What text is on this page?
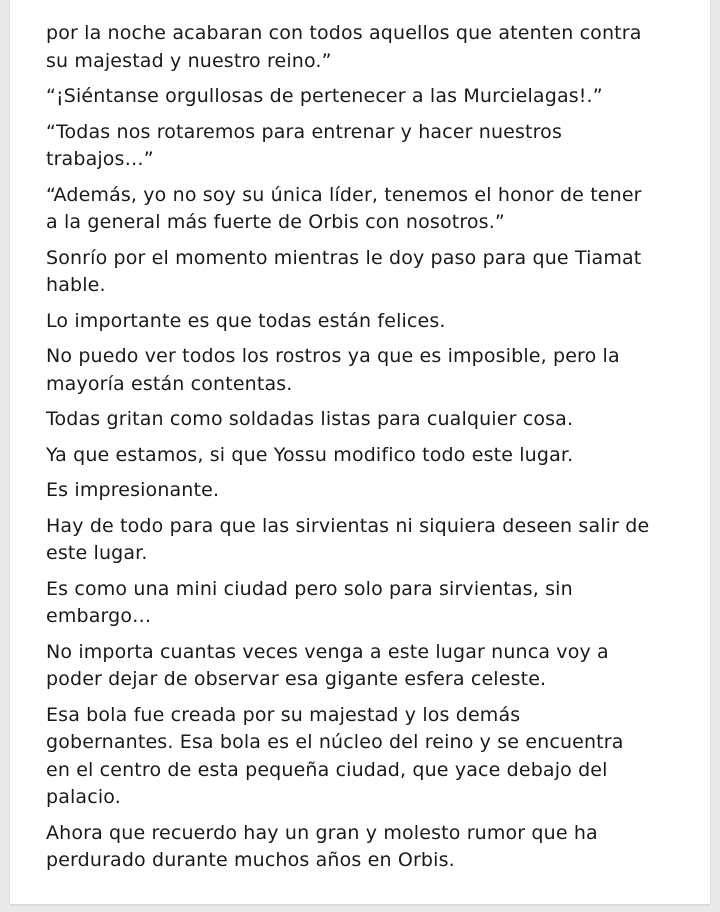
por la noche acabaran con todos aquellos que atenten contra
su majestad y nuestro reino.”

“¡Siéntanse orgullosas de pertenecer a las Murcielagas!.”

“Todas nos rotaremos para entrenar y hacer nuestros
trabajos…”

“Además, yo no soy su única líder, tenemos el honor de tener
a la general más fuerte de Orbis con nosotros.”

Sonrío por el momento mientras le doy paso para que Tiamat
hable.

Lo importante es que todas están felices.

No puedo ver todos los rostros ya que es imposible, pero la
mayoría están contentas.

Todas gritan como soldadas listas para cualquier cosa.

Ya que estamos, si que Yossu modifico todo este lugar.

Es impresionante.

Hay de todo para que las sirvientas ni siquiera deseen salir de
este lugar.

Es como una mini ciudad pero solo para sirvientas, sin
embargo…

No importa cuantas veces venga a este lugar nunca voy a
poder dejar de observar esa gigante esfera celeste.

Esa bola fue creada por su majestad y los demás
gobernantes. Esa bola es el núcleo del reino y se encuentra
en el centro de esta pequeña ciudad, que yace debajo del
palacio.

Ahora que recuerdo hay un gran y molesto rumor que ha
perdurado durante muchos años en Orbis.
